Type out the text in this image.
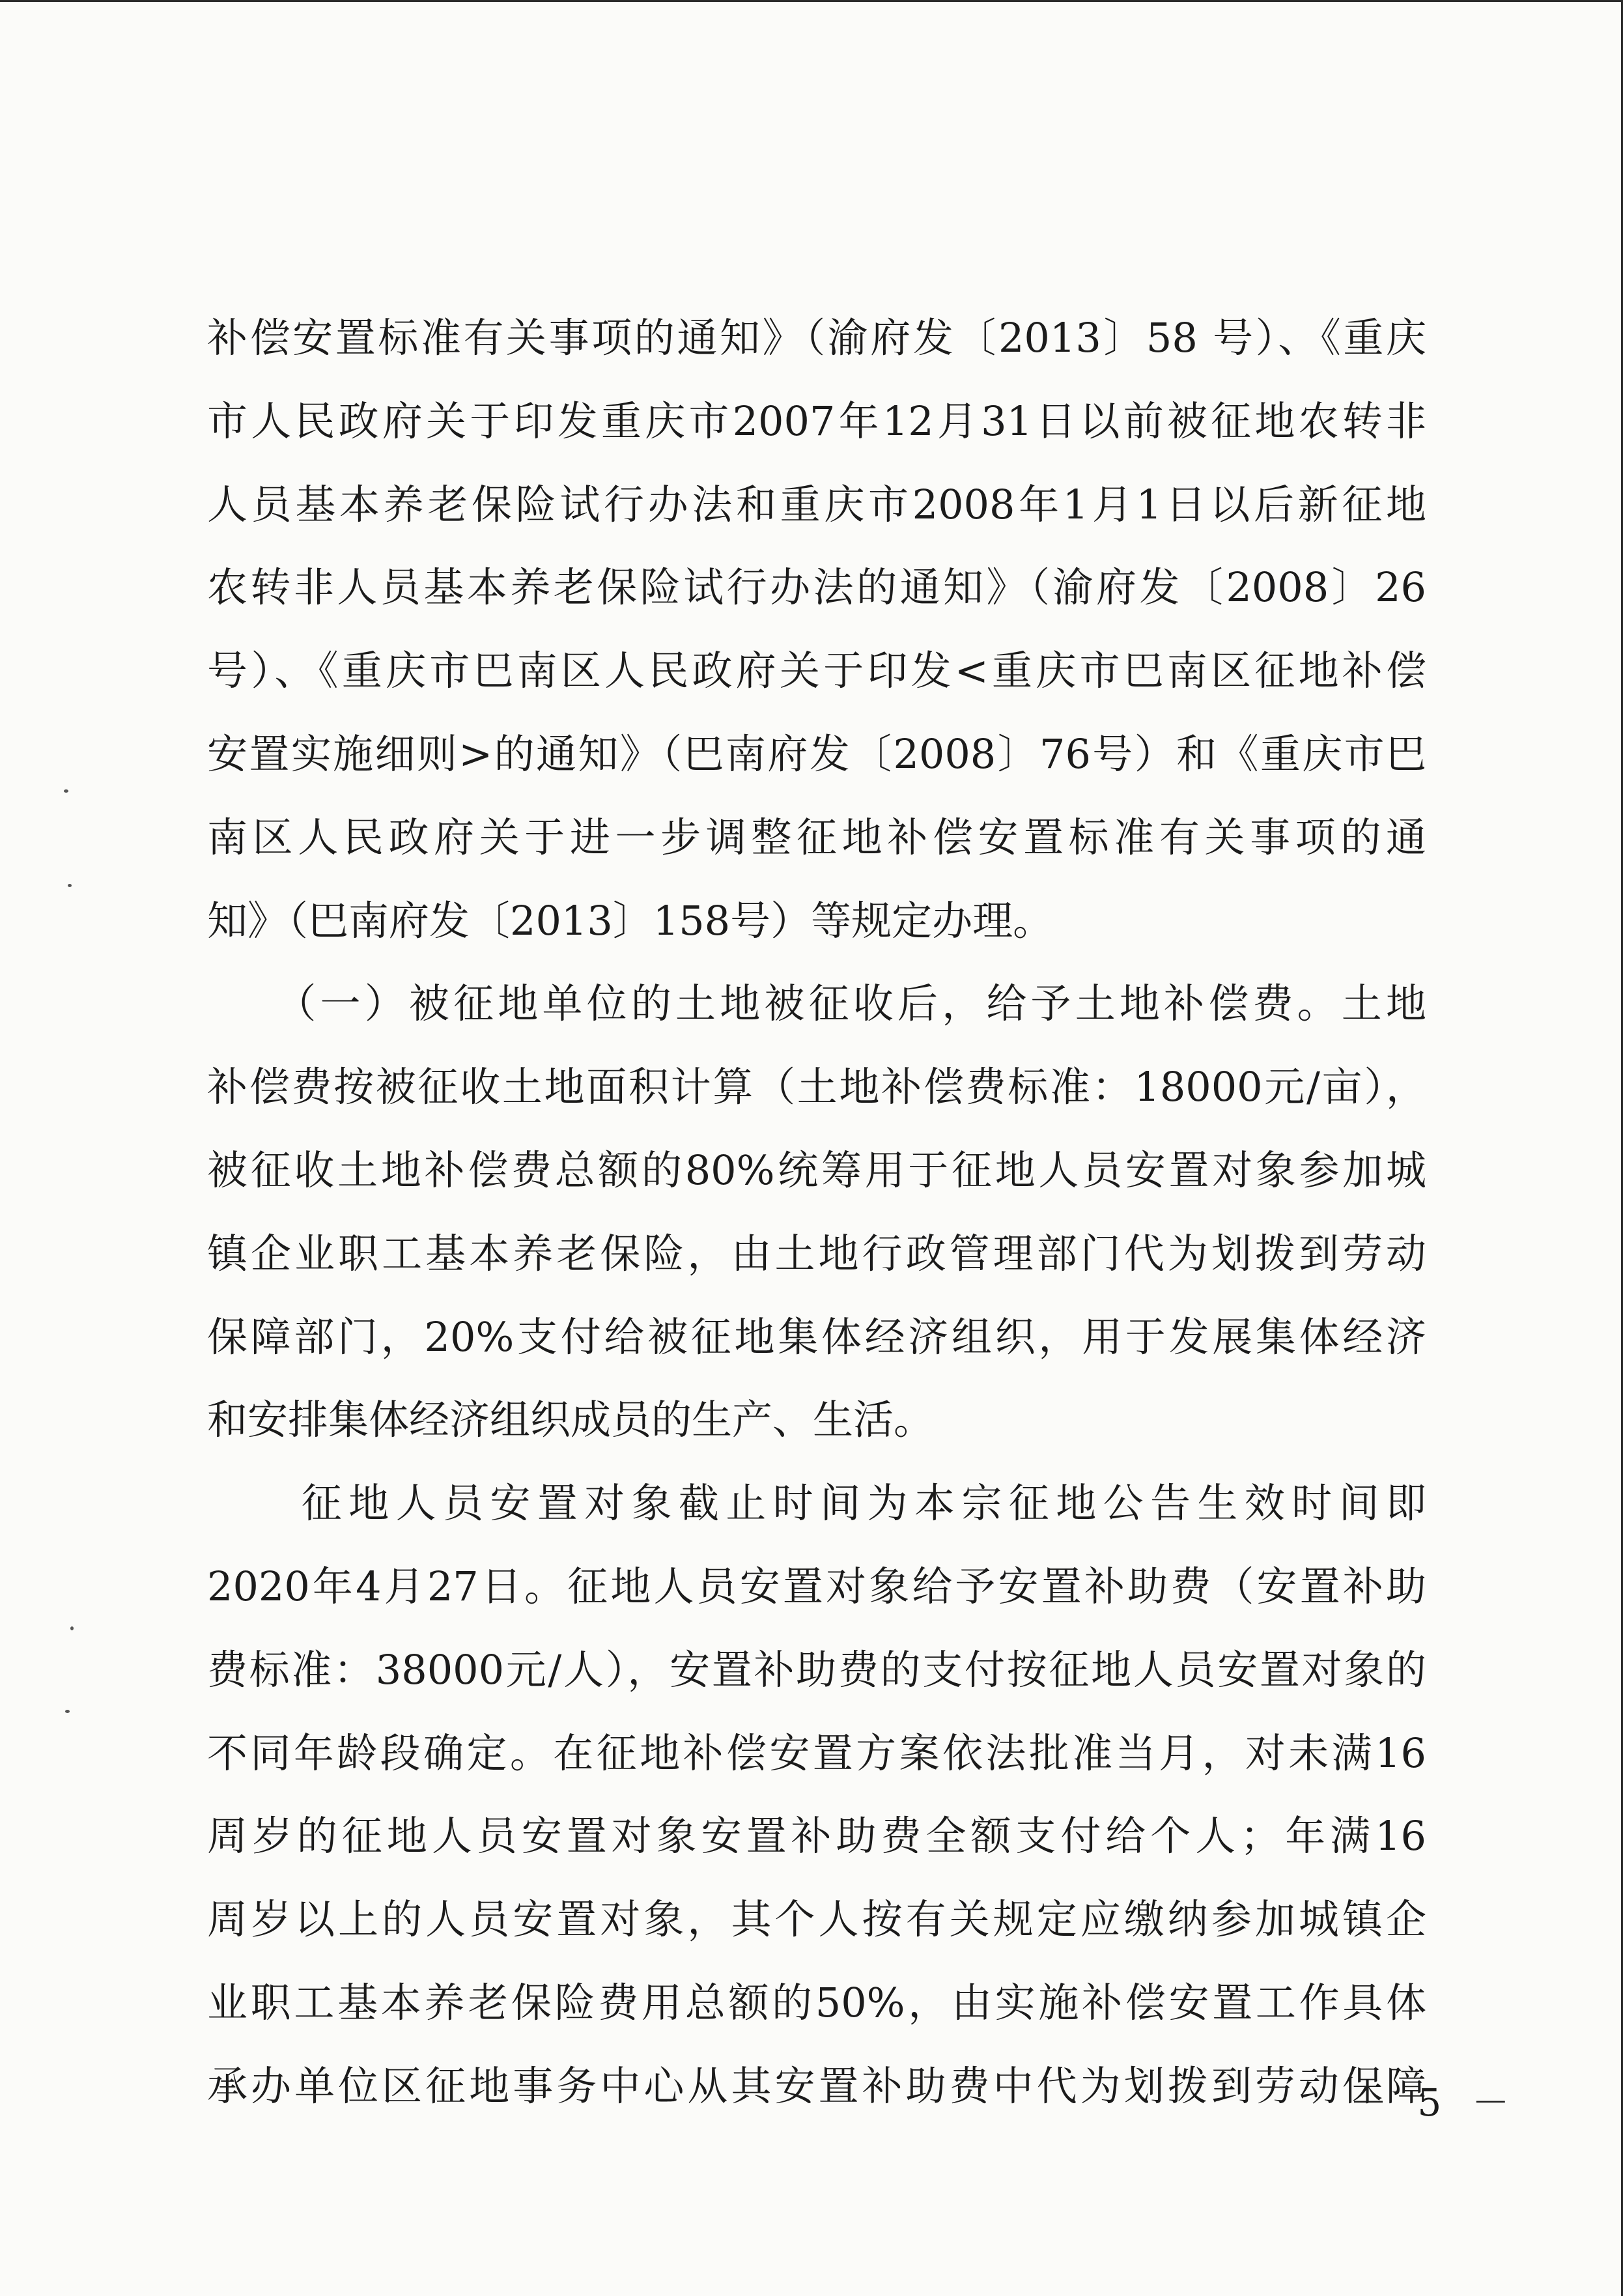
补偿安置标准有关事项的通知》（渝府发〔2013〕58 号）、《重庆
市人民政府关于印发重庆市2007年12月31日以前被征地农转非
人员基本养老保险试行办法和重庆市2008年1月1日以后新征地
农转非人员基本养老保险试行办法的通知》（渝府发〔2008〕26
号）、《重庆市巴南区人民政府关于印发<重庆市巴南区征地补偿
安置实施细则>的通知》（巴南府发〔2008〕76号）和《重庆市巴
南区人民政府关于进一步调整征地补偿安置标准有关事项的通
知》（巴南府发〔2013〕158号）等规定办理。
　　（一）被征地单位的土地被征收后，给予土地补偿费。土地
补偿费按被征收土地面积计算（土地补偿费标准：18000元/亩），
被征收土地补偿费总额的80%统筹用于征地人员安置对象参加城
镇企业职工基本养老保险，由土地行政管理部门代为划拨到劳动
保障部门，20%支付给被征地集体经济组织，用于发展集体经济
和安排集体经济组织成员的生产、生活。
　　征地人员安置对象截止时间为本宗征地公告生效时间即
2020年4月27日。征地人员安置对象给予安置补助费（安置补助
费标准：38000元/人），安置补助费的支付按征地人员安置对象的
不同年龄段确定。在征地补偿安置方案依法批准当月，对未满16
周岁的征地人员安置对象安置补助费全额支付给个人；年满16
周岁以上的人员安置对象，其个人按有关规定应缴纳参加城镇企
业职工基本养老保险费用总额的50%，由实施补偿安置工作具体
承办单位区征地事务中心从其安置补助费中代为划拨到劳动保障
－ 5 －
